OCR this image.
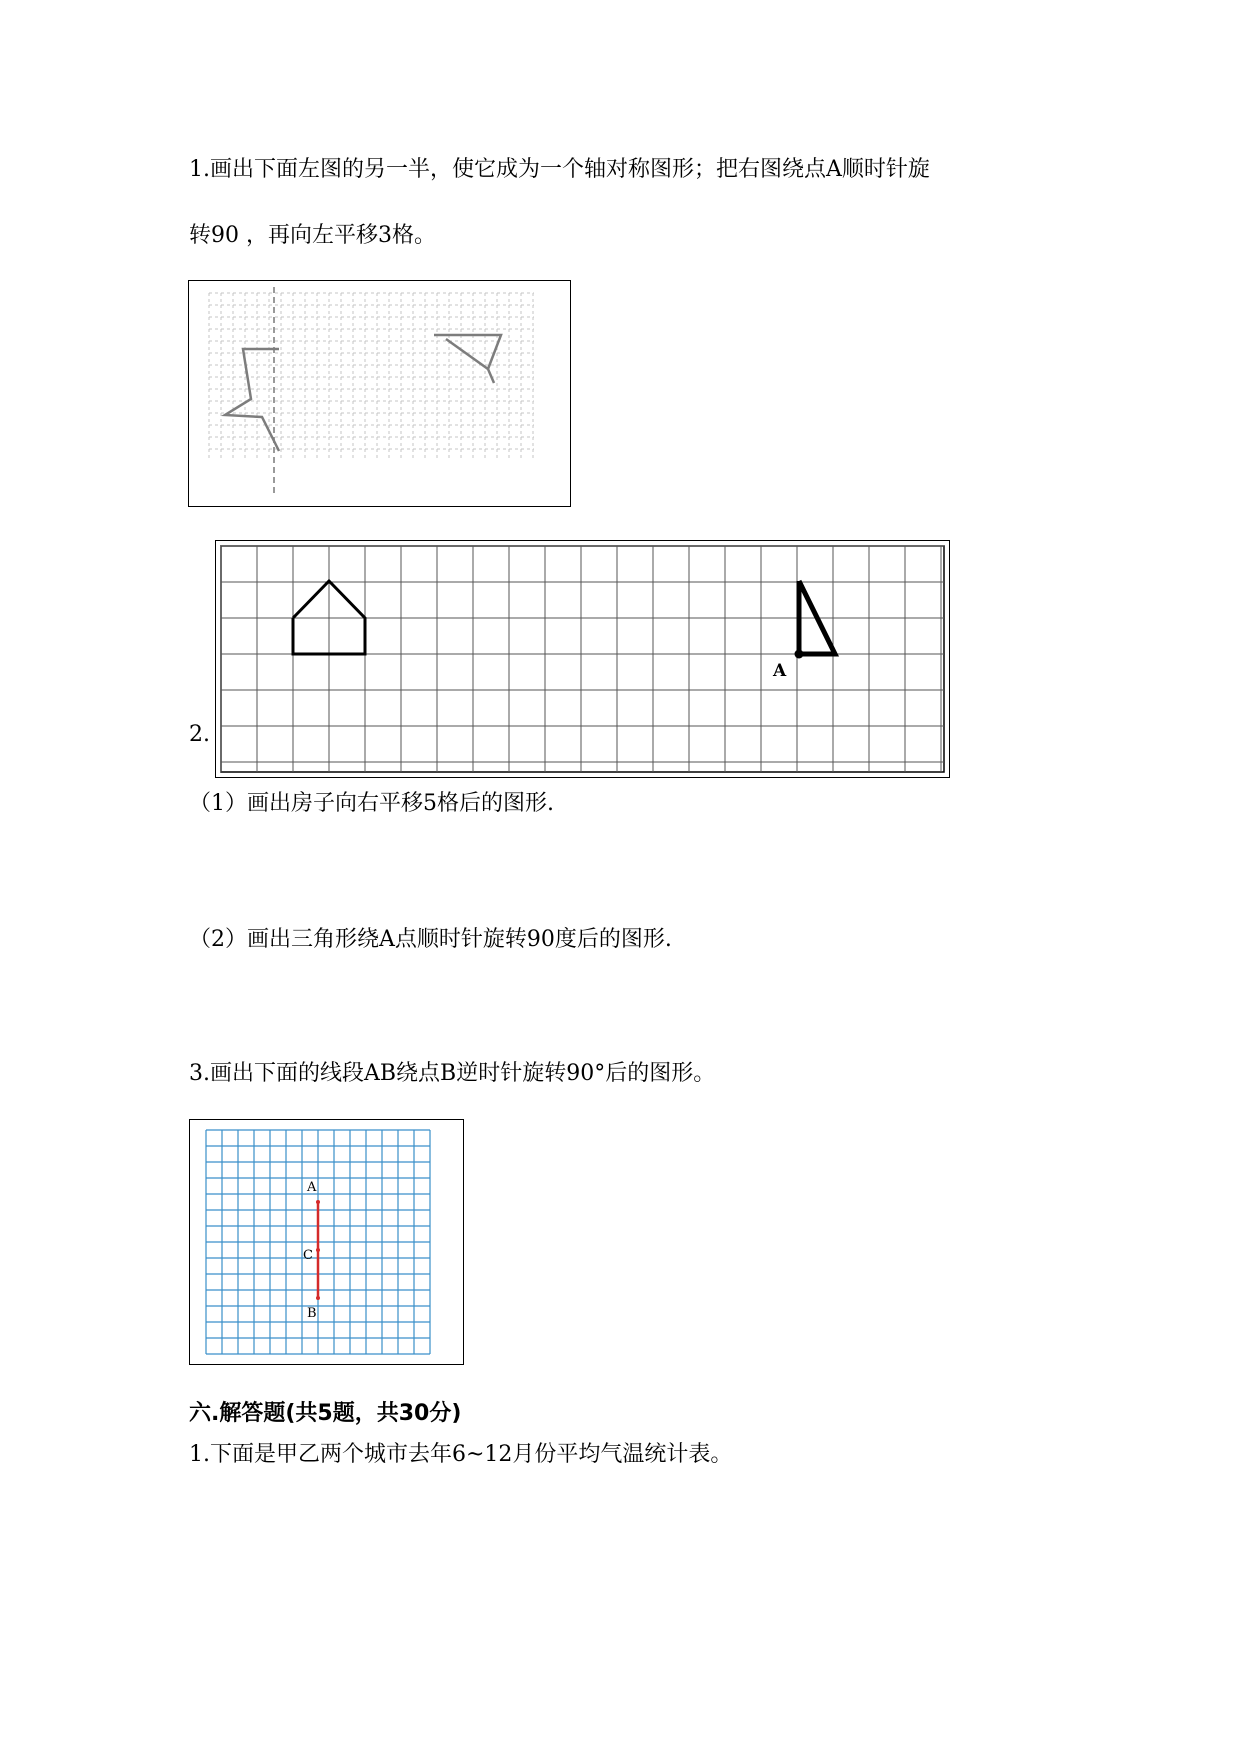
1.画出下面左图的另一半，使它成为一个轴对称图形；把右图绕点A顺时针旋
转90 ，再向左平移3格。
2.
A
（1）画出房子向右平移5格后的图形.
（2）画出三角形绕A点顺时针旋转90度后的图形.
3.画出下面的线段AB绕点B逆时针旋转90°后的图形。
A
C
B
六.解答题(共5题，共30分)
1.下面是甲乙两个城市去年6~12月份平均气温统计表。
